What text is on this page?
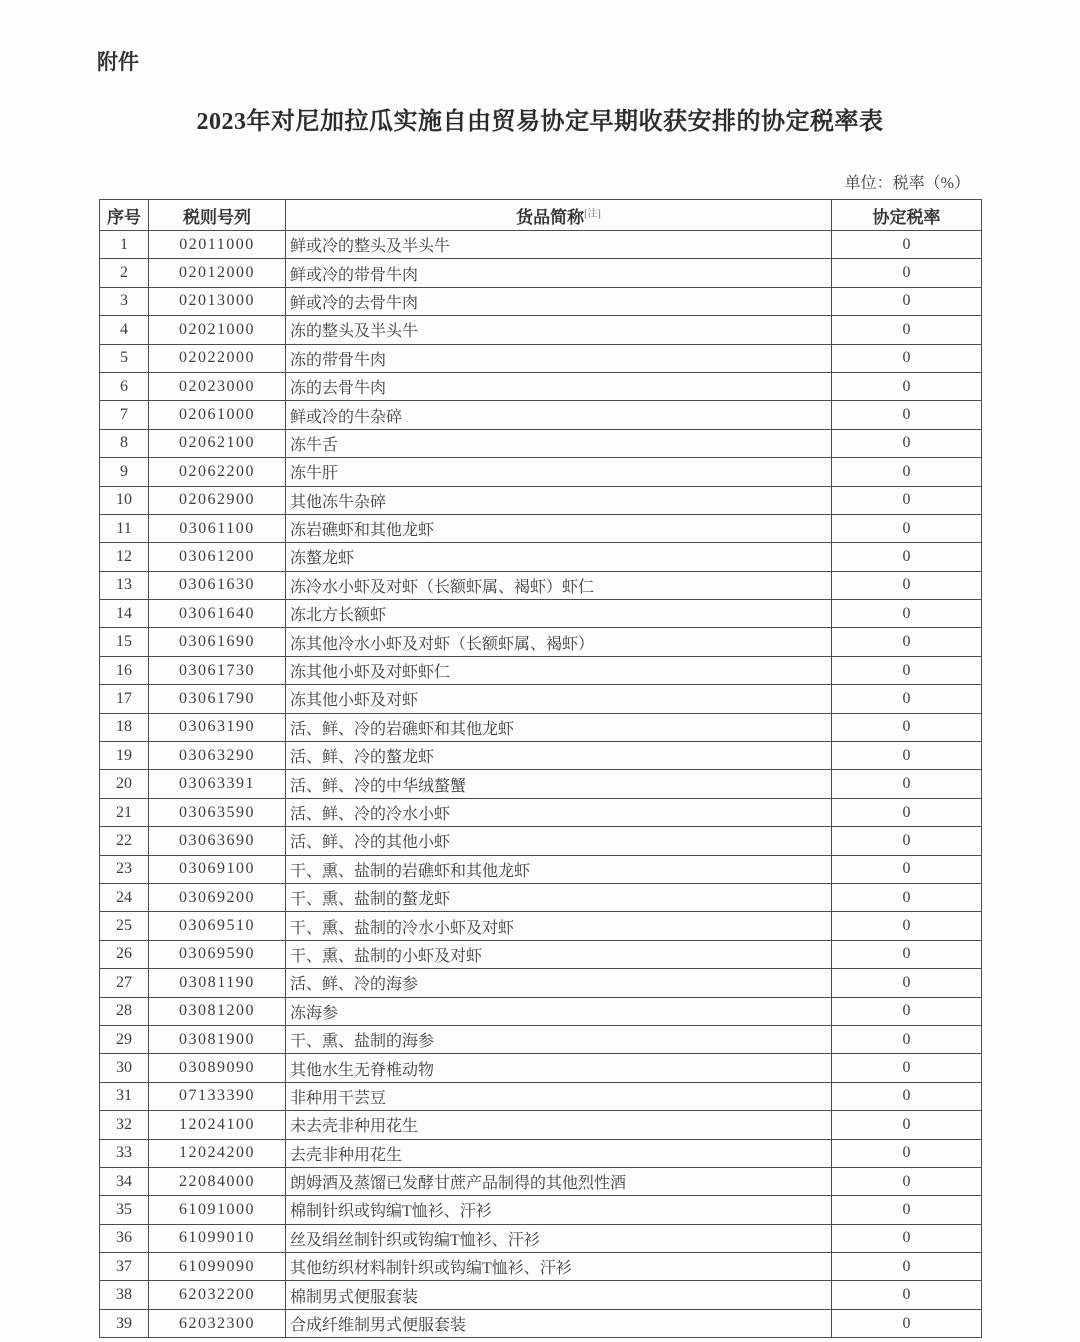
附件
2023年对尼加拉瓜实施自由贸易协定早期收获安排的协定税率表
单位：税率（%）
序号	税则号列	货品简称[注]	协定税率
1	02011000	鲜或冷的整头及半头牛	0
2	02012000	鲜或冷的带骨牛肉	0
3	02013000	鲜或冷的去骨牛肉	0
4	02021000	冻的整头及半头牛	0
5	02022000	冻的带骨牛肉	0
6	02023000	冻的去骨牛肉	0
7	02061000	鲜或冷的牛杂碎	0
8	02062100	冻牛舌	0
9	02062200	冻牛肝	0
10	02062900	其他冻牛杂碎	0
11	03061100	冻岩礁虾和其他龙虾	0
12	03061200	冻螯龙虾	0
13	03061630	冻冷水小虾及对虾（长额虾属、褐虾）虾仁	0
14	03061640	冻北方长额虾	0
15	03061690	冻其他冷水小虾及对虾（长额虾属、褐虾）	0
16	03061730	冻其他小虾及对虾虾仁	0
17	03061790	冻其他小虾及对虾	0
18	03063190	活、鲜、冷的岩礁虾和其他龙虾	0
19	03063290	活、鲜、冷的螯龙虾	0
20	03063391	活、鲜、冷的中华绒螯蟹	0
21	03063590	活、鲜、冷的冷水小虾	0
22	03063690	活、鲜、冷的其他小虾	0
23	03069100	干、熏、盐制的岩礁虾和其他龙虾	0
24	03069200	干、熏、盐制的螯龙虾	0
25	03069510	干、熏、盐制的冷水小虾及对虾	0
26	03069590	干、熏、盐制的小虾及对虾	0
27	03081190	活、鲜、冷的海参	0
28	03081200	冻海参	0
29	03081900	干、熏、盐制的海参	0
30	03089090	其他水生无脊椎动物	0
31	07133390	非种用干芸豆	0
32	12024100	未去壳非种用花生	0
33	12024200	去壳非种用花生	0
34	22084000	朗姆酒及蒸馏已发酵甘蔗产品制得的其他烈性酒	0
35	61091000	棉制针织或钩编T恤衫、汗衫	0
36	61099010	丝及绢丝制针织或钩编T恤衫、汗衫	0
37	61099090	其他纺织材料制针织或钩编T恤衫、汗衫	0
38	62032200	棉制男式便服套装	0
39	62032300	合成纤维制男式便服套装	0
